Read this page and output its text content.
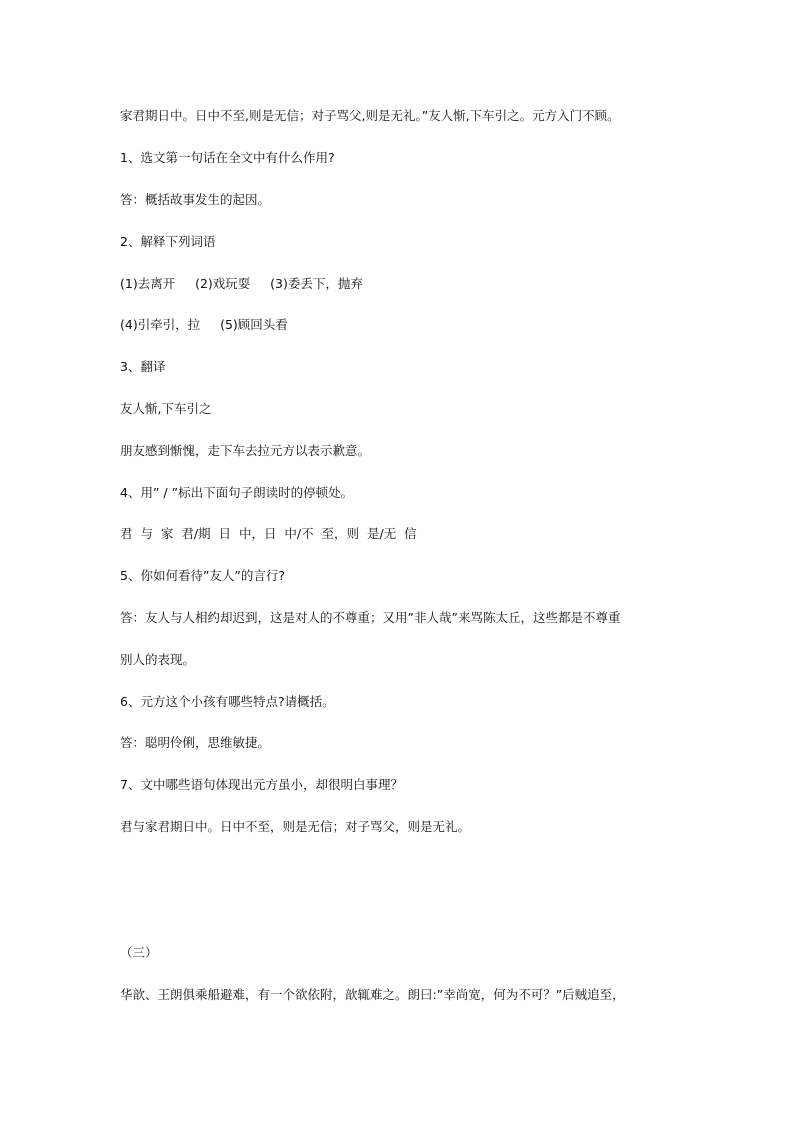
家君期日中。日中不至,则是无信；对子骂父,则是无礼。”友人惭,下车引之。元方入门不顾。

1、选文第一句话在全文中有什么作用?

答：概括故事发生的起因。

2、解释下列词语

(1)去离开     (2)戏玩耍     (3)委丢下，抛弃

(4)引牵引，拉     (5)顾回头看

3、翻译

友人惭,下车引之

朋友感到惭愧，走下车去拉元方以表示歉意。

4、用” / ”标出下面句子朗读时的停顿处。

君  与  家  君/期  日  中，日  中/不  至，则  是/无  信

5、你如何看待”友人”的言行?

答：友人与人相约却迟到，这是对人的不尊重；又用”非人哉”来骂陈太丘，这些都是不尊重

别人的表现。

6、元方这个小孩有哪些特点?请概括。

答：聪明伶俐，思维敏捷。

7、文中哪些语句体现出元方虽小，却很明白事理？

君与家君期日中。日中不至，则是无信；对子骂父，则是无礼。

（三）

华歆、王朗俱乘船避难，有一个欲依附，歆辄难之。朗曰:”幸尚宽，何为不可？”后贼追至，
